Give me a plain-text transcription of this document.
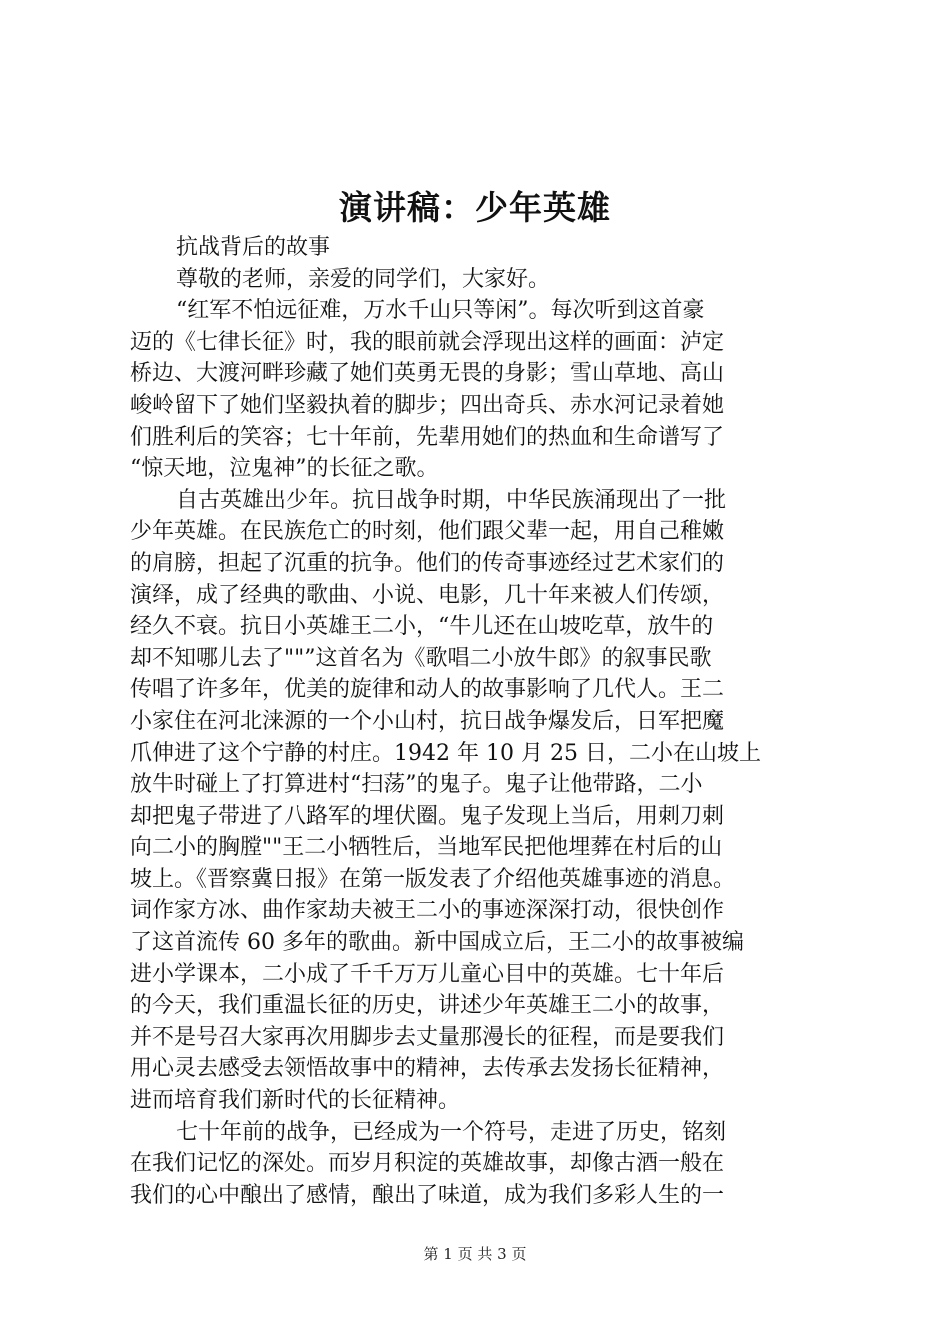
演讲稿：少年英雄
抗战背后的故事
尊敬的老师，亲爱的同学们，大家好。
“红军不怕远征难，万水千山只等闲”。每次听到这首豪
迈的《七律长征》时，我的眼前就会浮现出这样的画面：泸定
桥边、大渡河畔珍藏了她们英勇无畏的身影；雪山草地、高山
峻岭留下了她们坚毅执着的脚步；四出奇兵、赤水河记录着她
们胜利后的笑容；七十年前，先辈用她们的热血和生命谱写了
“惊天地，泣鬼神”的长征之歌。
自古英雄出少年。抗日战争时期，中华民族涌现出了一批
少年英雄。在民族危亡的时刻，他们跟父辈一起，用自己稚嫩
的肩膀，担起了沉重的抗争。他们的传奇事迹经过艺术家们的
演绎，成了经典的歌曲、小说、电影，几十年来被人们传颂，
经久不衰。抗日小英雄王二小，“牛儿还在山坡吃草，放牛的
却不知哪儿去了""”这首名为《歌唱二小放牛郎》的叙事民歌
传唱了许多年，优美的旋律和动人的故事影响了几代人。王二
小家住在河北涞源的一个小山村，抗日战争爆发后，日军把魔
爪伸进了这个宁静的村庄。1942 年 10 月 25 日，二小在山坡上
放牛时碰上了打算进村“扫荡”的鬼子。鬼子让他带路，二小
却把鬼子带进了八路军的埋伏圈。鬼子发现上当后，用刺刀刺
向二小的胸膛""王二小牺牲后，当地军民把他埋葬在村后的山
坡上。《晋察冀日报》在第一版发表了介绍他英雄事迹的消息。
词作家方冰、曲作家劫夫被王二小的事迹深深打动，很快创作
了这首流传 60 多年的歌曲。新中国成立后，王二小的故事被编
进小学课本，二小成了千千万万儿童心目中的英雄。七十年后
的今天，我们重温长征的历史，讲述少年英雄王二小的故事，
并不是号召大家再次用脚步去丈量那漫长的征程，而是要我们
用心灵去感受去领悟故事中的精神，去传承去发扬长征精神，
进而培育我们新时代的长征精神。
七十年前的战争，已经成为一个符号，走进了历史，铭刻
在我们记忆的深处。而岁月积淀的英雄故事，却像古酒一般在
我们的心中酿出了感情，酿出了味道，成为我们多彩人生的一
第 1 页 共 3 页
